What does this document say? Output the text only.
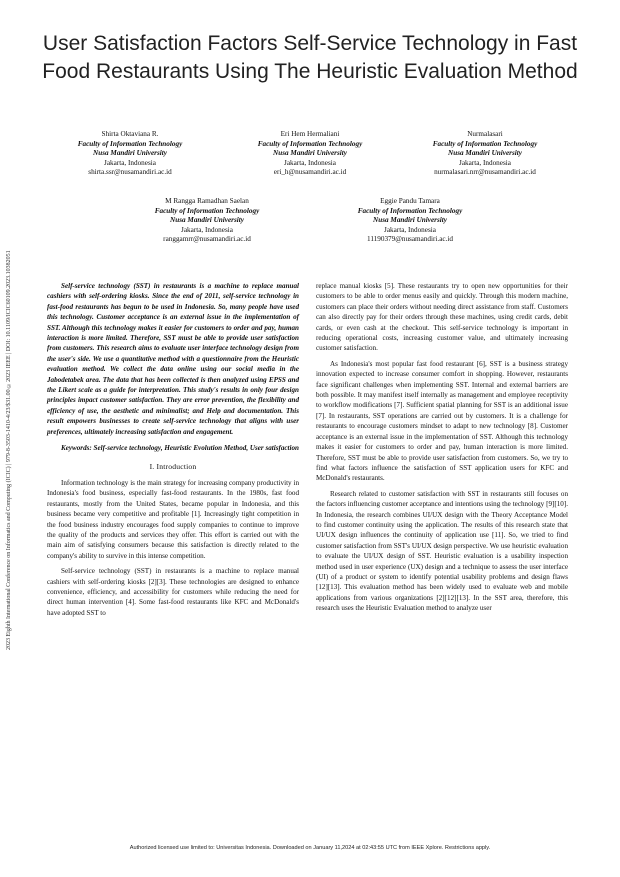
User Satisfaction Factors Self-Service Technology in Fast Food Restaurants Using The Heuristic Evaluation Method
2023 Eighth International Conference on Informatics and Computing (ICIC) | 979-8-3503-1410-4/23/$31.00 ©2023 IEEE | DOI: 10.1109/ICIC60109.2023.10382051
Shirta Oktaviana R.
Faculty of Information Technology
Nusa Mandiri University
Jakarta, Indonesia
shirta.ssr@nusamandiri.ac.id
Eri Hem Hermaliani
Faculty of Information Technology
Nusa Mandiri University
Jakarta, Indonesia
eri_h@nusamandiri.ac.id
Nurmalasari
Faculty of Information Technology
Nusa Mandiri University
Jakarta, Indonesia
nurmalasari.nrr@nusamandiri.ac.id
M Rangga Ramadhan Saelan
Faculty of Information Technology
Nusa Mandiri University
Jakarta, Indonesia
ranggamrr@nusamandiri.ac.id
Eggie Pandu Tamara
Faculty of Information Technology
Nusa Mandiri University
Jakarta, Indonesia
11190379@nusamandiri.ac.id

Self-service technology (SST) in restaurants is a machine to replace manual cashiers with self-ordering kiosks. Since the end of 2011, self-service technology in fast-food restaurants has begun to be used in Indonesia. So, many people have used this technology. Customer acceptance is an external issue in the implementation of SST. Although this technology makes it easier for customers to order and pay, human interaction is more limited. Therefore, SST must be able to provide user satisfaction from customers. This research aims to evaluate user interface technology design from the user's side. We use a quantitative method with a questionnaire from the Heuristic evaluation method. We collect the data online using our social media in the Jabodetabek area. The data that has been collected is then analyzed using EPSS and the Likert scale as a guide for interpretation. This study's results in only four design principles impact customer satisfaction. They are error prevention, the flexibility and efficiency of use, the aesthetic and minimalist; and Help and documentation. This result empowers businesses to create self-service technology that aligns with user preferences, ultimately increasing satisfaction and engagement.

Keywords: Self-service technology, Heuristic Evolution Method, User satisfaction

I. Introduction

Information technology is the main strategy for increasing company productivity in Indonesia's food business, especially fast-food restaurants. In the 1980s, fast food restaurants, mostly from the United States, became popular in Indonesia, and this business became very competitive and profitable [1]. Increasingly tight competition in the food business industry encourages food supply companies to continue to improve the quality of the products and services they offer. This effort is carried out with the main aim of satisfying consumers because this satisfaction is directly related to the company's ability to survive in this intense competition.

Self-service technology (SST) in restaurants is a machine to replace manual cashiers with self-ordering kiosks [2][3]. These technologies are designed to enhance convenience, efficiency, and accessibility for customers while reducing the need for direct human intervention [4]. Some fast-food restaurants like KFC and McDonald's have adopted SST to

replace manual kiosks [5]. These restaurants try to open new opportunities for their customers to be able to order menus easily and quickly. Through this modern machine, customers can place their orders without needing direct assistance from staff. Customers can also directly pay for their orders through these machines, using credit cards, debit cards, or even cash at the checkout. This self-service technology is important in reducing operational costs, increasing customer value, and ultimately increasing customer satisfaction.

As Indonesia's most popular fast food restaurant [6], SST is a business strategy innovation expected to increase consumer comfort in shopping. However, restaurants face significant challenges when implementing SST. Internal and external barriers are both possible. It may manifest itself internally as management and employee receptivity to workflow modifications [7]. Sufficient spatial planning for SST is an additional issue [7]. In restaurants, SST operations are carried out by customers. It is a challenge for restaurants to encourage customers mindset to adapt to new technology [8]. Customer acceptance is an external issue in the implementation of SST. Although this technology makes it easier for customers to order and pay, human interaction is more limited. Therefore, SST must be able to provide user satisfaction from customers. So, we try to find what factors influence the satisfaction of SST application users for KFC and McDonald's restaurants.

Research related to customer satisfaction with SST in restaurants still focuses on the factors influencing customer acceptance and intentions using the technology [9][10]. In Indonesia, the research combines UI/UX design with the Theory Acceptance Model to find customer continuity using the application. The results of this research state that UI/UX design influences the continuity of application use [11]. So, we tried to find customer satisfaction from SST's UI/UX design perspective. We use heuristic evaluation to evaluate the UI/UX design of SST. Heuristic evaluation is a usability inspection method used in user experience (UX) design and a technique to assess the user interface (UI) of a product or system to identify potential usability problems and design flaws [12][13]. This evaluation method has been widely used to evaluate web and mobile applications from various organizations [2][12][13]. In the SST area, therefore, this research uses the Heuristic Evaluation method to analyze user

Authorized licensed use limited to: Universitas Indonesia. Downloaded on January 11,2024 at 02:43:55 UTC from IEEE Xplore. Restrictions apply.
